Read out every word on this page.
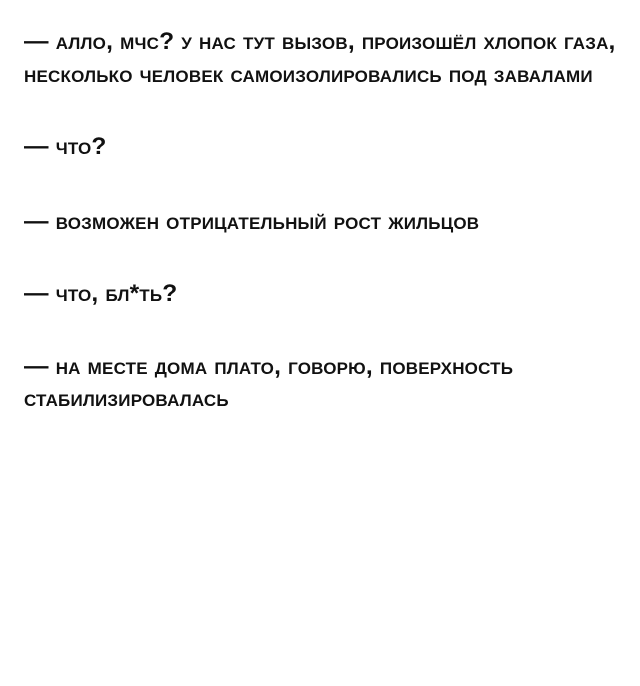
— алло, мчс? у нас тут вызов, произошёл хлопок газа, несколько человек самоизолировались под завалами
— что?
— возможен отрицательный рост жильцов
— что, бл*ть?
— на месте дома плато, говорю, поверхность стабилизировалась
